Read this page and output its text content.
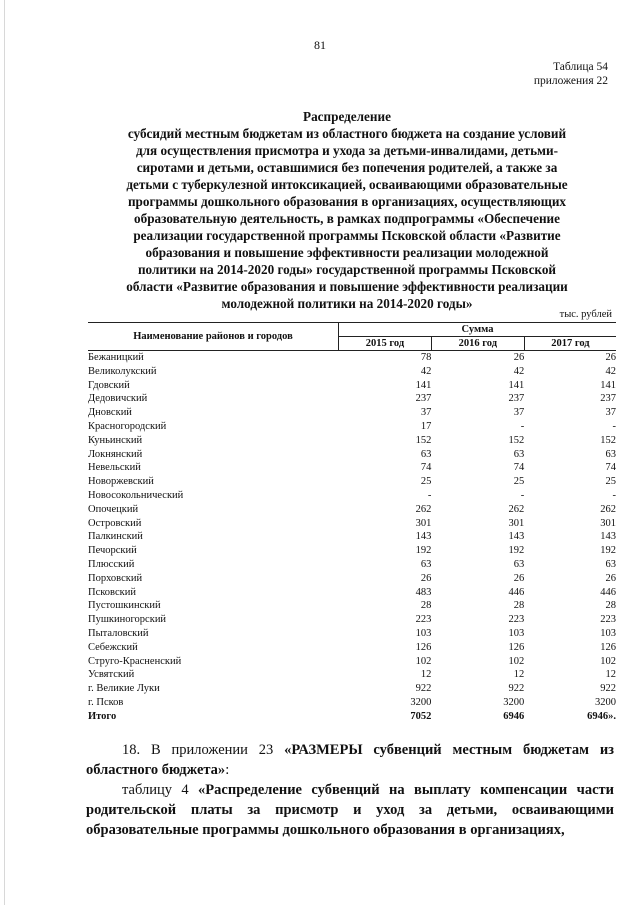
81
Таблица 54
приложения 22
Распределение
субсидий местным бюджетам из областного бюджета на создание условий
для осуществления присмотра и ухода за детьми-инвалидами, детьми-
сиротами и детьми, оставшимися без попечения родителей, а также за
детьми с туберкулезной интоксикацией, осваивающими образовательные
программы дошкольного образования в организациях, осуществляющих
образовательную деятельность, в рамках подпрограммы «Обеспечение
реализации государственной программы Псковской области «Развитие
образования и повышение эффективности реализации молодежной
политики на 2014-2020 годы» государственной программы Псковской
области «Развитие образования и повышение эффективности реализации
молодежной политики на 2014-2020 годы»
тыс. рублей
Наименование районов и городов	Сумма		
	2015 год	2016 год	2017 год
Бежаницкий	78	26	26
Великолукский	42	42	42
Гдовский	141	141	141
Дедовичский	237	237	237
Дновский	37	37	37
Красногородский	17	-	-
Куньинский	152	152	152
Локнянский	63	63	63
Невельский	74	74	74
Новоржевский	25	25	25
Новосокольнический	-	-	-
Опочецкий	262	262	262
Островский	301	301	301
Палкинский	143	143	143
Печорский	192	192	192
Плюсский	63	63	63
Порховский	26	26	26
Псковский	483	446	446
Пустошкинский	28	28	28
Пушкиногорский	223	223	223
Пыталовский	103	103	103
Себежский	126	126	126
Струго-Красненский	102	102	102
Усвятский	12	12	12
г. Великие Луки	922	922	922
г. Псков	3200	3200	3200
Итого	7052	6946	6946».
18. В приложении 23 «РАЗМЕРЫ субвенций местным бюджетам из областного бюджета»:
таблицу 4 «Распределение субвенций на выплату компенсации части родительской платы за присмотр и уход за детьми, осваивающими образовательные программы дошкольного образования в организациях,
